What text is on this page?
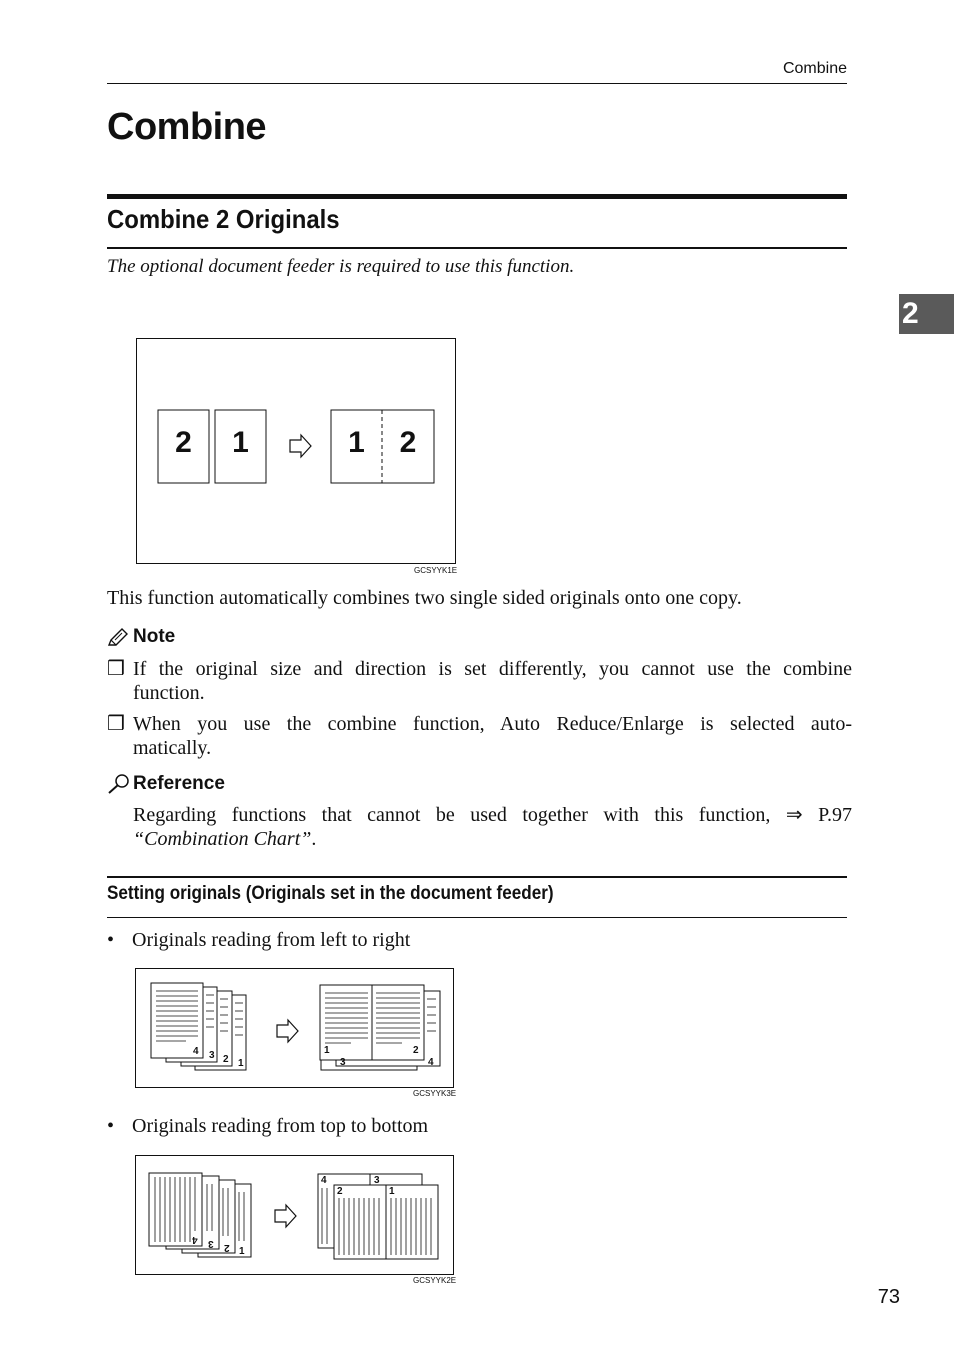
Combine
Combine
Combine 2 Originals
The optional document feeder is required to use this function.
2	1	1	2
GCSYYK1E
This function automatically combines two single sided originals onto one copy.
Note
❒ If the original size and direction is set differently, you cannot use the combine
function.
❒ When you use the combine function, Auto Reduce/Enlarge is selected auto-
matically.
Reference
Regarding functions that cannot be used together with this function, ⇒ P.97
“Combination Chart”.
Setting originals (Originals set in the document feeder)
• Originals reading from left to right
4 3 2 1
1	2
3	4
GCSYYK3E
• Originals reading from top to bottom
4 3 2 1
4	3
2	1
GCSYYK2E
2
73
